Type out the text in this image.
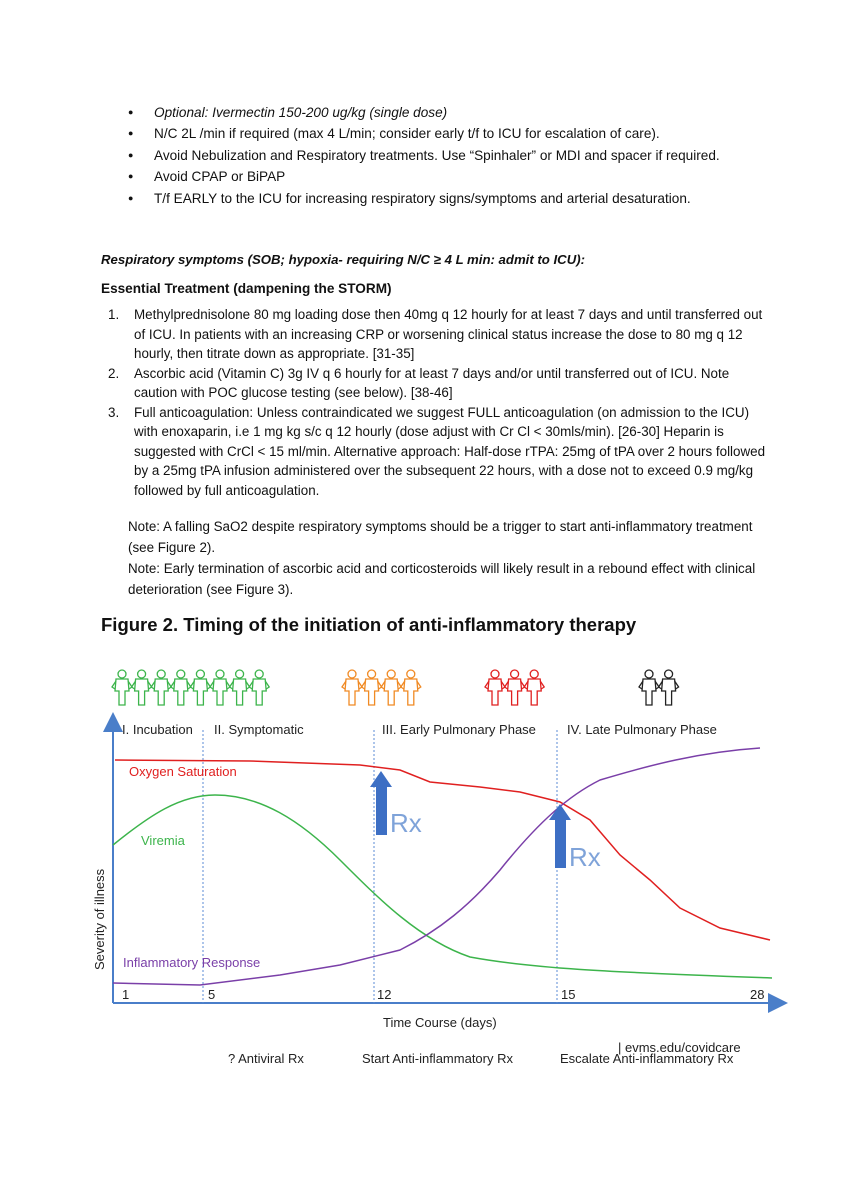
● Optional: Ivermectin 150-200 ug/kg (single dose)
● N/C 2L /min if required (max 4 L/min; consider early t/f to ICU for escalation of care).
● Avoid Nebulization and Respiratory treatments. Use “Spinhaler” or MDI and spacer if required.
● Avoid CPAP or BiPAP
● T/f EARLY to the ICU for increasing respiratory signs/symptoms and arterial desaturation.
Respiratory symptoms (SOB; hypoxia- requiring N/C ≥ 4 L min: admit to ICU):
Essential Treatment (dampening the STORM)
1. Methylprednisolone 80 mg loading dose then 40mg q 12 hourly for at least 7 days and until transferred out of ICU. In patients with an increasing CRP or worsening clinical status increase the dose to 80 mg q 12 hourly, then titrate down as appropriate. [31-35]
2. Ascorbic acid (Vitamin C) 3g IV q 6 hourly for at least 7 days and/or until transferred out of ICU. Note caution with POC glucose testing (see below). [38-46]
3. Full anticoagulation: Unless contraindicated we suggest FULL anticoagulation (on admission to the ICU) with enoxaparin, i.e 1 mg kg s/c q 12 hourly (dose adjust with Cr Cl < 30mls/min). [26-30] Heparin is suggested with CrCl < 15 ml/min. Alternative approach: Half-dose rTPA: 25mg of tPA over 2 hours followed by a 25mg tPA infusion administered over the subsequent 22 hours, with a dose not to exceed 0.9 mg/kg followed by full anticoagulation.
Note: A falling SaO2 despite respiratory symptoms should be a trigger to start anti-inflammatory treatment (see Figure 2).
Note: Early termination of ascorbic acid and corticosteroids will likely result in a rebound effect with clinical deterioration (see Figure 3).
Figure 2. Timing of the initiation of anti-inflammatory therapy
I. Incubation II. Symptomatic	III. Early Pulmonary Phase IV. Late Pulmonary Phase
Oxygen Saturation
Viremia
Inflammatory Response
Rx
Rx
Severity of illness
1	5	12	15	28
Time Course (days)
| evms.edu/covidcare
? Antiviral Rx	Start Anti-inflammatory Rx	Escalate Anti-inflammatory Rx
